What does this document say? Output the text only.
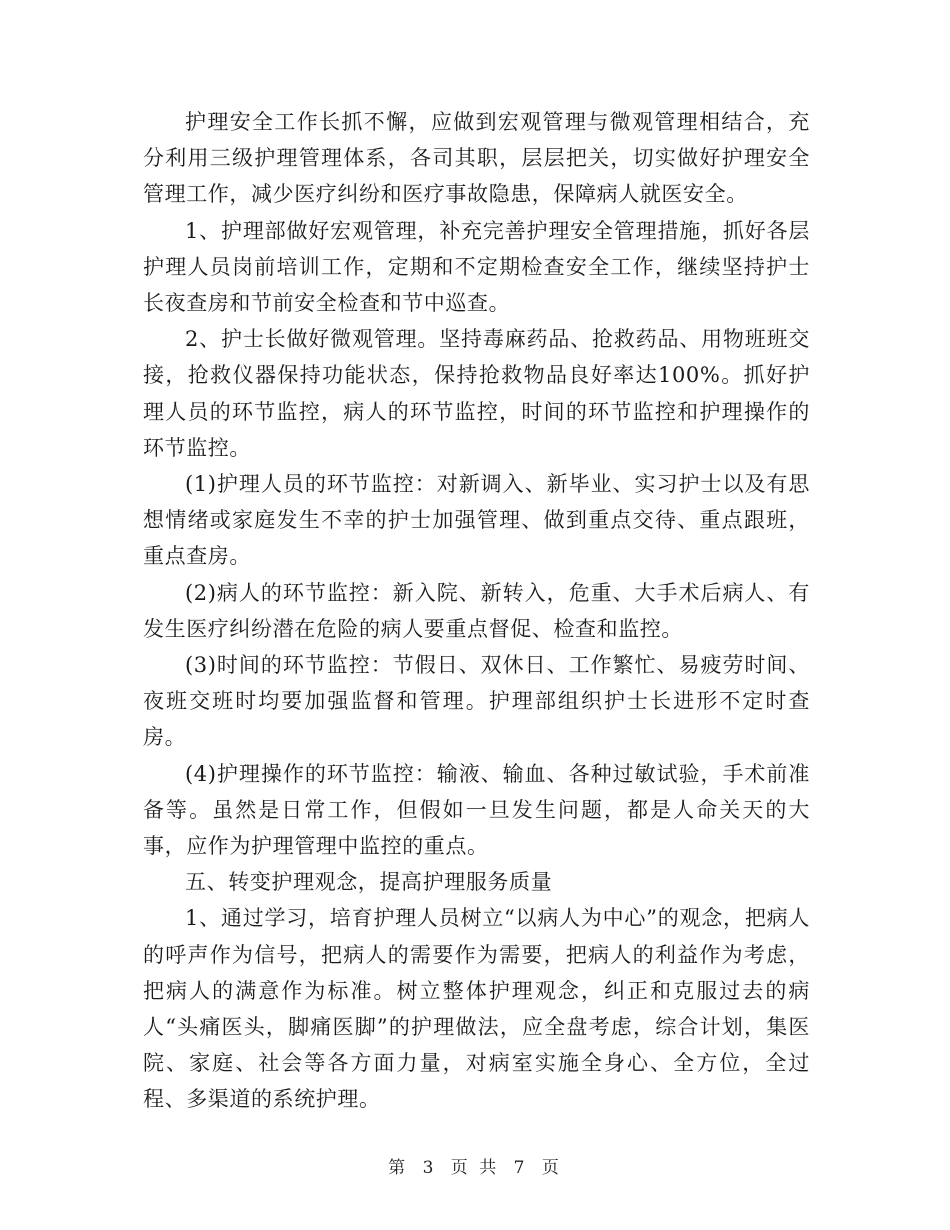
护理安全工作长抓不懈，应做到宏观管理与微观管理相结合，充分利用三级护理管理体系，各司其职，层层把关，切实做好护理安全管理工作，减少医疗纠纷和医疗事故隐患，保障病人就医安全。

1、护理部做好宏观管理，补充完善护理安全管理措施，抓好各层护理人员岗前培训工作，定期和不定期检查安全工作，继续坚持护士长夜查房和节前安全检查和节中巡查。

2、护士长做好微观管理。坚持毒麻药品、抢救药品、用物班班交接，抢救仪器保持功能状态，保持抢救物品良好率达100%。抓好护理人员的环节监控，病人的环节监控，时间的环节监控和护理操作的环节监控。

(1)护理人员的环节监控：对新调入、新毕业、实习护士以及有思想情绪或家庭发生不幸的护士加强管理、做到重点交待、重点跟班，重点查房。

(2)病人的环节监控：新入院、新转入，危重、大手术后病人、有发生医疗纠纷潜在危险的病人要重点督促、检查和监控。

(3)时间的环节监控：节假日、双休日、工作繁忙、易疲劳时间、夜班交班时均要加强监督和管理。护理部组织护士长进形不定时查房。

(4)护理操作的环节监控：输液、输血、各种过敏试验，手术前准备等。虽然是日常工作，但假如一旦发生问题，都是人命关天的大事，应作为护理管理中监控的重点。

五、转变护理观念，提高护理服务质量

1、通过学习，培育护理人员树立“以病人为中心”的观念，把病人的呼声作为信号，把病人的需要作为需要，把病人的利益作为考虑，把病人的满意作为标准。树立整体护理观念，纠正和克服过去的病人“头痛医头，脚痛医脚”的护理做法，应全盘考虑，综合计划，集医院、家庭、社会等各方面力量，对病室实施全身心、全方位，全过程、多渠道的系统护理。

第 3 页 共 7 页
